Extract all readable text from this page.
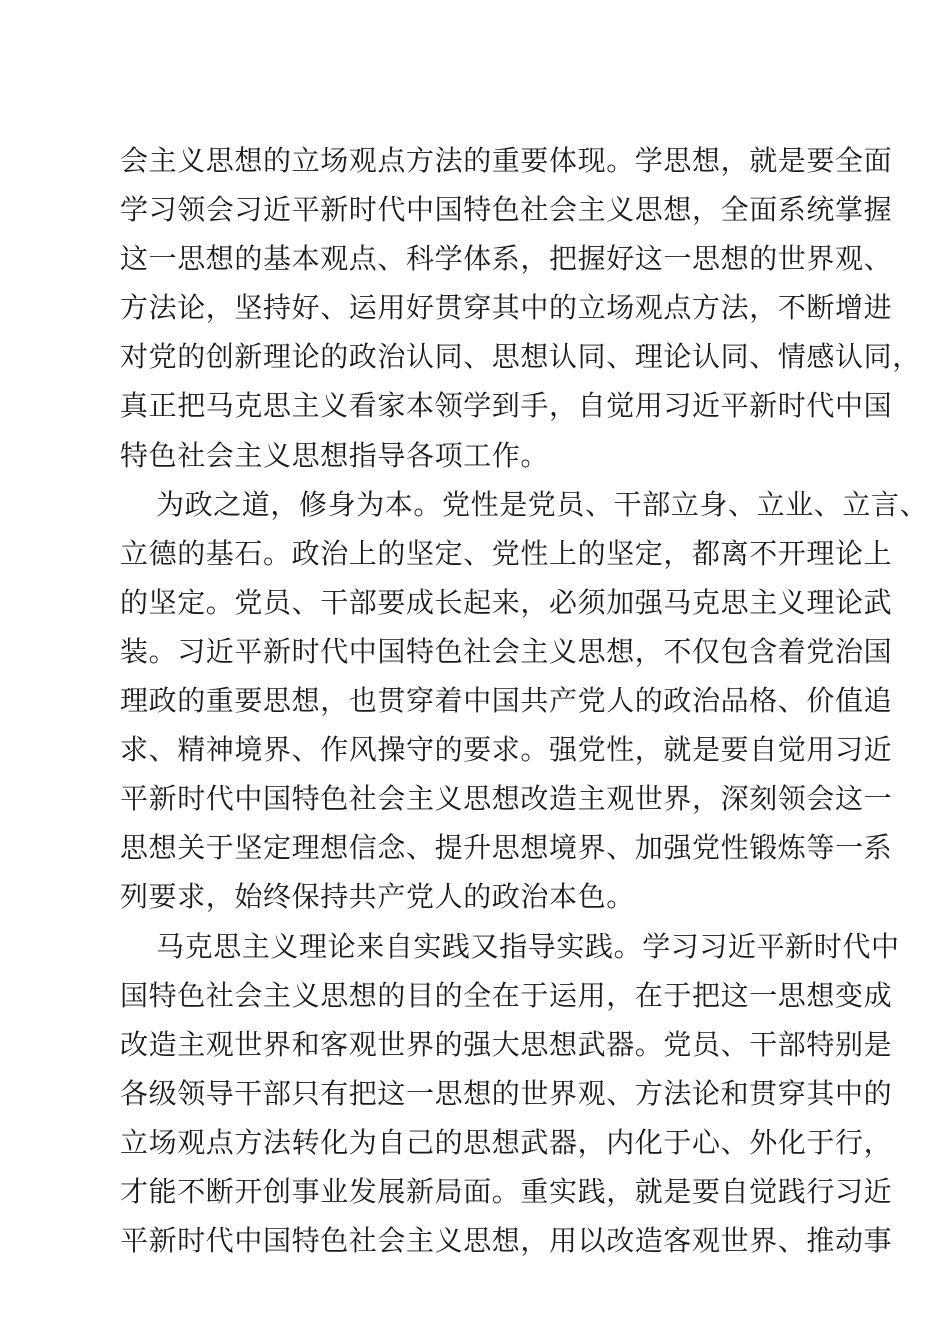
会主义思想的立场观点方法的重要体现。学思想，就是要全面
学习领会习近平新时代中国特色社会主义思想，全面系统掌握
这一思想的基本观点、科学体系，把握好这一思想的世界观、
方法论，坚持好、运用好贯穿其中的立场观点方法，不断增进
对党的创新理论的政治认同、思想认同、理论认同、情感认同，
真正把马克思主义看家本领学到手，自觉用习近平新时代中国
特色社会主义思想指导各项工作。
为政之道，修身为本。党性是党员、干部立身、立业、立言、
立德的基石。政治上的坚定、党性上的坚定，都离不开理论上
的坚定。党员、干部要成长起来，必须加强马克思主义理论武
装。习近平新时代中国特色社会主义思想，不仅包含着党治国
理政的重要思想，也贯穿着中国共产党人的政治品格、价值追
求、精神境界、作风操守的要求。强党性，就是要自觉用习近
平新时代中国特色社会主义思想改造主观世界，深刻领会这一
思想关于坚定理想信念、提升思想境界、加强党性锻炼等一系
列要求，始终保持共产党人的政治本色。
马克思主义理论来自实践又指导实践。学习习近平新时代中
国特色社会主义思想的目的全在于运用，在于把这一思想变成
改造主观世界和客观世界的强大思想武器。党员、干部特别是
各级领导干部只有把这一思想的世界观、方法论和贯穿其中的
立场观点方法转化为自己的思想武器，内化于心、外化于行，
才能不断开创事业发展新局面。重实践，就是要自觉践行习近
平新时代中国特色社会主义思想，用以改造客观世界、推动事
